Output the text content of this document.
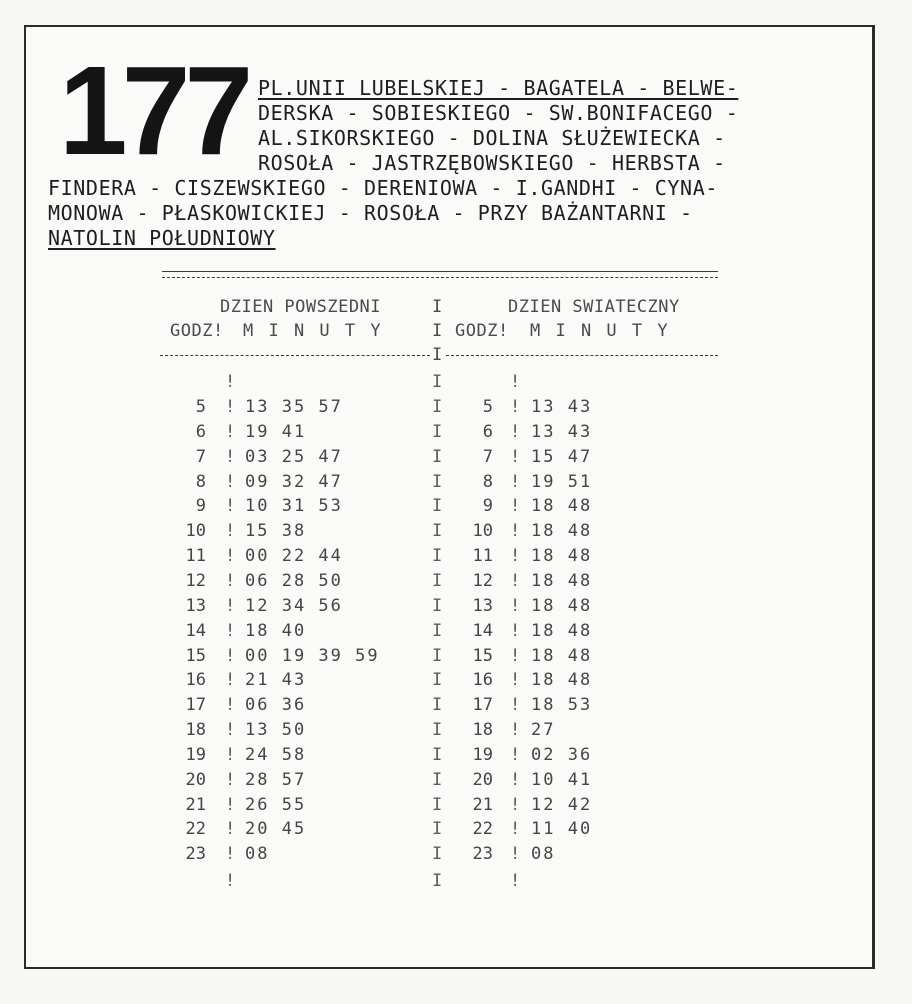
177 PL.UNII LUBELSKIEJ - BAGATELA - BELWE-
DERSKA - SOBIESKIEGO - SW.BONIFACEGO -
AL.SIKORSKIEGO - DOLINA SŁUŻEWIECKA -
ROSOŁA - JASTRZĘBOWSKIEGO - HERBSTA -
FINDERA - CISZEWSKIEGO - DERENIOWA - I.GANDHI - CYNA-
MONOWA - PŁASKOWICKIEJ - ROSOŁA - PRZY BAŻANTARNI -
NATOLIN POŁUDNIOWY
DZIEN POWSZEDNI	I	DZIEN SWIATECZNY
GODZ! M I N U T Y	I GODZ! M I N U T Y
I
!	I	!
5 ! 13 35 57	I	5 ! 13 43
6 ! 19 41	I	6 ! 13 43
7 ! 03 25 47	I	7 ! 15 47
8 ! 09 32 47	I	8 ! 19 51
9 ! 10 31 53	I	9 ! 18 48
10 ! 15 38	I	10 ! 18 48
11 ! 00 22 44	I	11 ! 18 48
12 ! 06 28 50	I	12 ! 18 48
13 ! 12 34 56	I	13 ! 18 48
14 ! 18 40	I	14 ! 18 48
15 ! 00 19 39 59	I	15 ! 18 48
16 ! 21 43	I	16 ! 18 48
17 ! 06 36	I	17 ! 18 53
18 ! 13 50	I	18 ! 27
19 ! 24 58	I	19 ! 02 36
20 ! 28 57	I	20 ! 10 41
21 ! 26 55	I	21 ! 12 42
22 ! 20 45	I	22 ! 11 40
23 ! 08	I	23 ! 08
!	I	!
